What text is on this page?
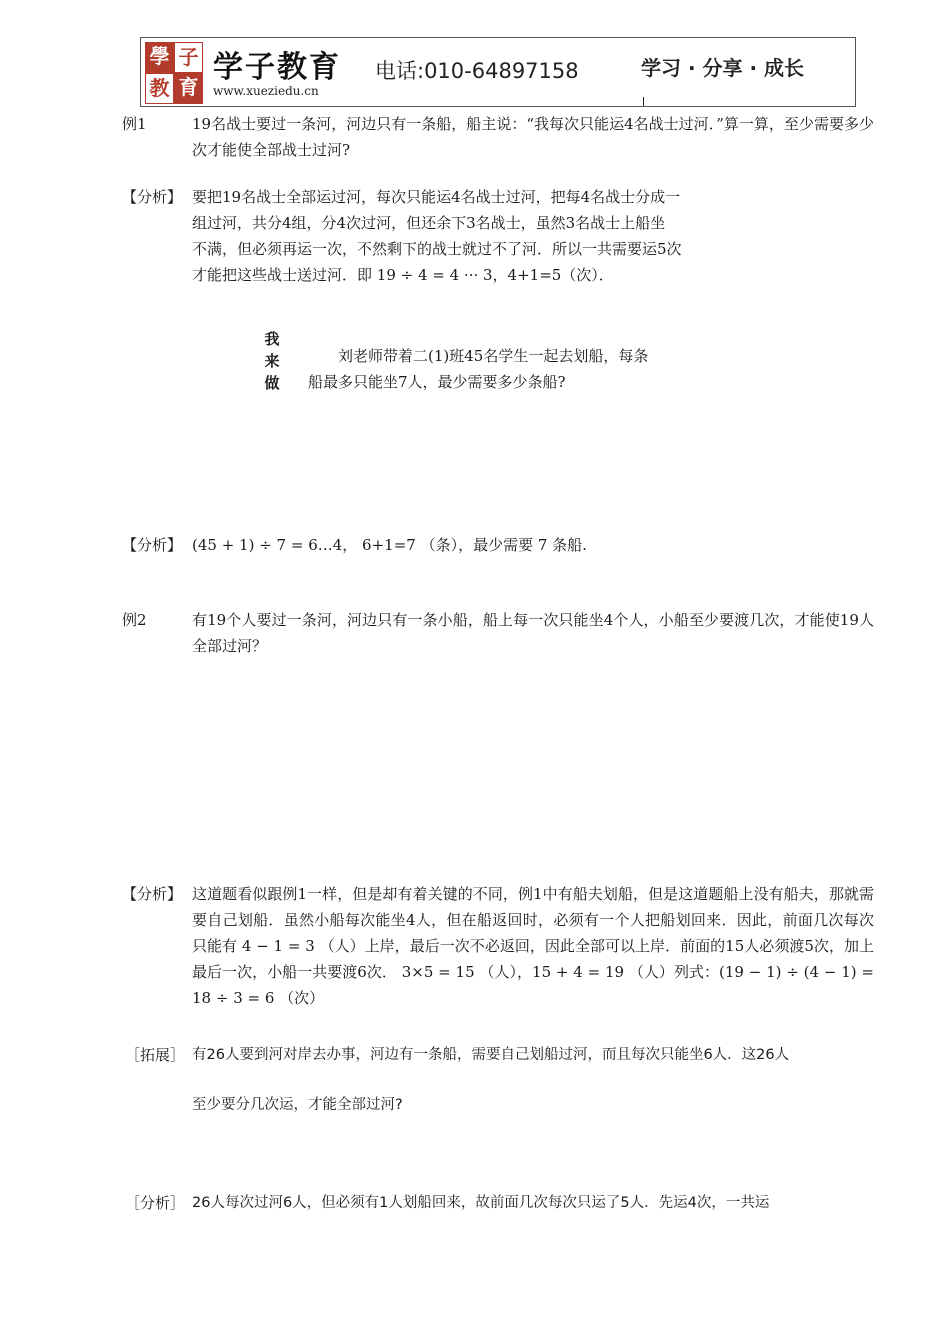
學 子
教 育
学子教育
www.xueziedu.cn
电话:010-64897158	学习 · 分享 · 成长
例1	19名战士要过一条河，河边只有一条船，船主说：“我每次只能运4名战士过河．”算一算，至少需要多少次才能使全部战士过河?
【分析】 要把19名战士全部运过河，每次只能运4名战士过河，把每4名战士分成一
组过河，共分4组，分4次过河，但还余下3名战士，虽然3名战士上船坐
不满，但必须再运一次，不然剩下的战士就过不了河．所以一共需要运5次
才能把这些战士送过河．即 19 ÷ 4 = 4 ··· 3，4+1=5（次）．
我
来
做
刘老师带着二(1)班45名学生一起去划船，每条
船最多只能坐7人，最少需要多少条船?
【分析】 (45 + 1) ÷ 7 = 6…4， 6+1=7 （条），最少需要 7 条船.
例2	有19个人要过一条河，河边只有一条小船，船上每一次只能坐4个人，小船至少要渡几次，才能使19人全部过河？
【分析】 这道题看似跟例1一样，但是却有着关键的不同，例1中有船夫划船，但是这道题船上没有船夫，那就需要自己划船．虽然小船每次能坐4人，但在船返回时，必须有一个人把船划回来．因此，前面几次每次只能有 4 − 1 = 3 （人）上岸，最后一次不必返回，因此全部可以上岸．前面的15人必须渡5次，加上最后一次，小船一共要渡6次． 3×5 = 15 （人），15 + 4 = 19 （人）列式：(19 − 1) ÷ (4 − 1) = 18 ÷ 3 = 6 （次）
［拓展］ 有26人要到河对岸去办事，河边有一条船，需要自己划船过河，而且每次只能坐6人．这26人
至少要分几次运，才能全部过河?
［分析］ 26人每次过河6人，但必须有1人划船回来，故前面几次每次只运了5人．先运4次，一共运
